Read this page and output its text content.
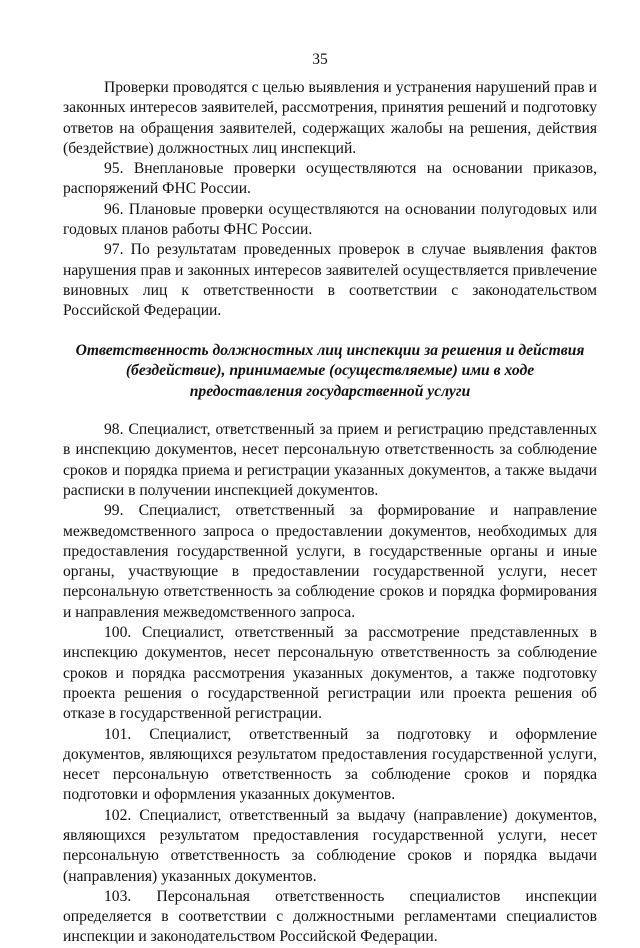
35

Проверки проводятся с целью выявления и устранения нарушений прав и законных интересов заявителей, рассмотрения, принятия решений и подготовку ответов на обращения заявителей, содержащих жалобы на решения, действия (бездействие) должностных лиц инспекций.

95. Внеплановые проверки осуществляются на основании приказов, распоряжений ФНС России.

96. Плановые проверки осуществляются на основании полугодовых или годовых планов работы ФНС России.

97. По результатам проведенных проверок в случае выявления фактов нарушения прав и законных интересов заявителей осуществляется привлечение виновных лиц к ответственности в соответствии с законодательством Российской Федерации.

Ответственность должностных лиц инспекции за решения и действия (бездействие), принимаемые (осуществляемые) ими в ходе предоставления государственной услуги

98. Специалист, ответственный за прием и регистрацию представленных в инспекцию документов, несет персональную ответственность за соблюдение сроков и порядка приема и регистрации указанных документов, а также выдачи расписки в получении инспекцией документов.

99. Специалист, ответственный за формирование и направление межведомственного запроса о предоставлении документов, необходимых для предоставления государственной услуги, в государственные органы и иные органы, участвующие в предоставлении государственной услуги, несет персональную ответственность за соблюдение сроков и порядка формирования и направления межведомственного запроса.

100. Специалист, ответственный за рассмотрение представленных в инспекцию документов, несет персональную ответственность за соблюдение сроков и порядка рассмотрения указанных документов, а также подготовку проекта решения о государственной регистрации или проекта решения об отказе в государственной регистрации.

101. Специалист, ответственный за подготовку и оформление документов, являющихся результатом предоставления государственной услуги, несет персональную ответственность за соблюдение сроков и порядка подготовки и оформления указанных документов.

102. Специалист, ответственный за выдачу (направление) документов, являющихся результатом предоставления государственной услуги, несет персональную ответственность за соблюдение сроков и порядка выдачи (направления) указанных документов.

103. Персональная ответственность специалистов инспекции определяется в соответствии с должностными регламентами специалистов инспекции и законодательством Российской Федерации.
